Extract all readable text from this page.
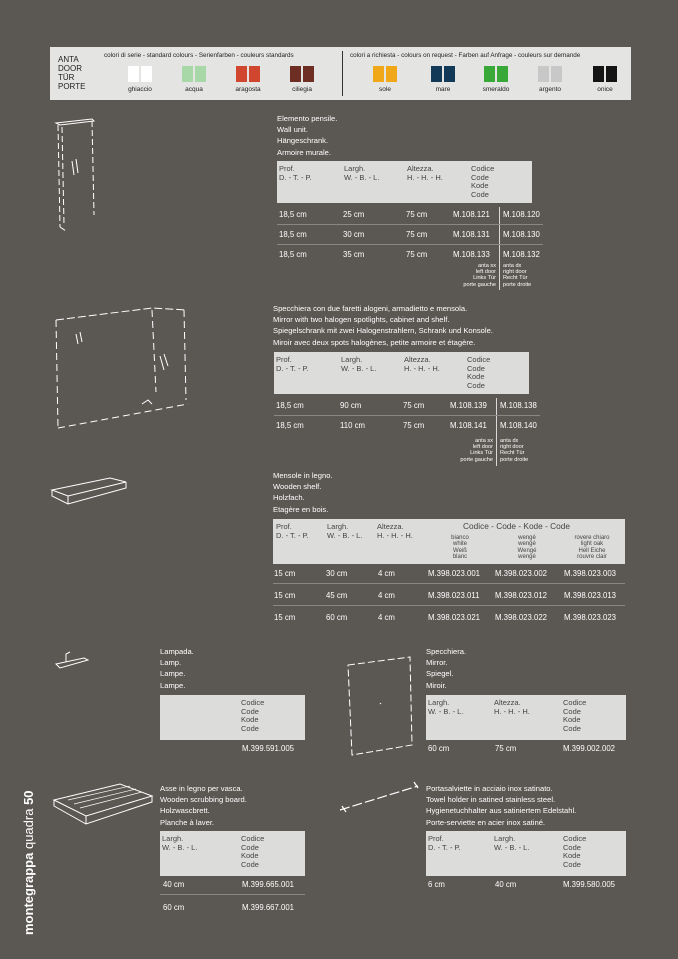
ANTA
DOOR
TÜR
PORTE
colori di serie - standard colours - Serienfarben - couleurs standards	colori a richiesta - colours on request - Farben auf Anfrage - couleurs sur demande
ghiaccio	acqua	aragosta	ciliegia	sole	mare	smeraldo	argento	onice
Elemento pensile.
Wall unit.
Hängeschrank.
Armoire murale.
Prof.
D. - T. - P.
Largh.
W. - B. - L.
Altezza.
H. - H. - H.
Codice
Code
Kode
Code
18,5 cm	25 cm	75 cm	M.108.121 M.108.120
18,5 cm	30 cm	75 cm	M.108.131 M.108.130
18,5 cm	35 cm	75 cm	M.108.133 M.108.132
anta sx
left door
Links Tür
porte gauche
anta dx
right door
Recht Tür
porte droite
Specchiera con due faretti alogeni, armadietto e mensola.
Mirror with two halogen spotlights, cabinet and shelf.
Spiegelschrank mit zwei Halogenstrahlern, Schrank und Konsole.
Miroir avec deux spots halogènes, petite armoire et étagère.
Prof.
D. - T. - P.
Largh.
W. - B. - L.
Altezza.
H. - H. - H.
Codice
Code
Kode
Code
18,5 cm	90 cm	75 cm	M.108.139 M.108.138
18,5 cm	110 cm	75 cm	M.108.141 M.108.140
anta sx
left door
Links Tür
porte gauche
anta dx
right door
Recht Tür
porte droite
Mensole in legno.
Wooden shelf.
Holzfach.
Etagère en bois.
Prof.
D. - T. - P.
Largh.
W. - B. - L.
Altezza.
H. - H. - H.
Codice - Code - Kode - Code
bianco
white
Weiß
blanc
wengé
wengé
Wengé
wengé
rovere chiaro
light oak
Hell Eiche
rouvre clair
15 cm	30 cm	4 cm	M.398.023.001 M.398.023.002 M.398.023.003
15 cm	45 cm	4 cm	M.398.023.011 M.398.023.012 M.398.023.013
15 cm	60 cm	4 cm	M.398.023.021 M.398.023.022 M.398.023.023
Lampada.
Lamp.
Lampe.
Lampe.
Codice
Code
Kode
Code
M.399.591.005
Specchiera.
Mirror.
Spiegel.
Miroir.
Largh.
W. - B. - L.
Altezza.
H. - H. - H.
Codice
Code
Kode
Code
60 cm	75 cm	M.399.002.002
Asse in legno per vasca.
Wooden scrubbing board.
Holzwascbrett.
Planche à laver.
Largh.
W. - B. - L.
Codice
Code
Kode
Code
40 cm	M.399.665.001
60 cm	M.399.667.001
Portasalviette in acciaio inox satinato.
Towel holder in satined stainless steel.
Hygienetuchhalter aus satiniertem Edelstahl.
Porte-serviette en acier inox satiné.
Prof.
D. - T. - P.
Largh.
W. - B. - L.
Codice
Code
Kode
Code
6 cm	40 cm	M.399.580.005
montegrappa quadra 50
